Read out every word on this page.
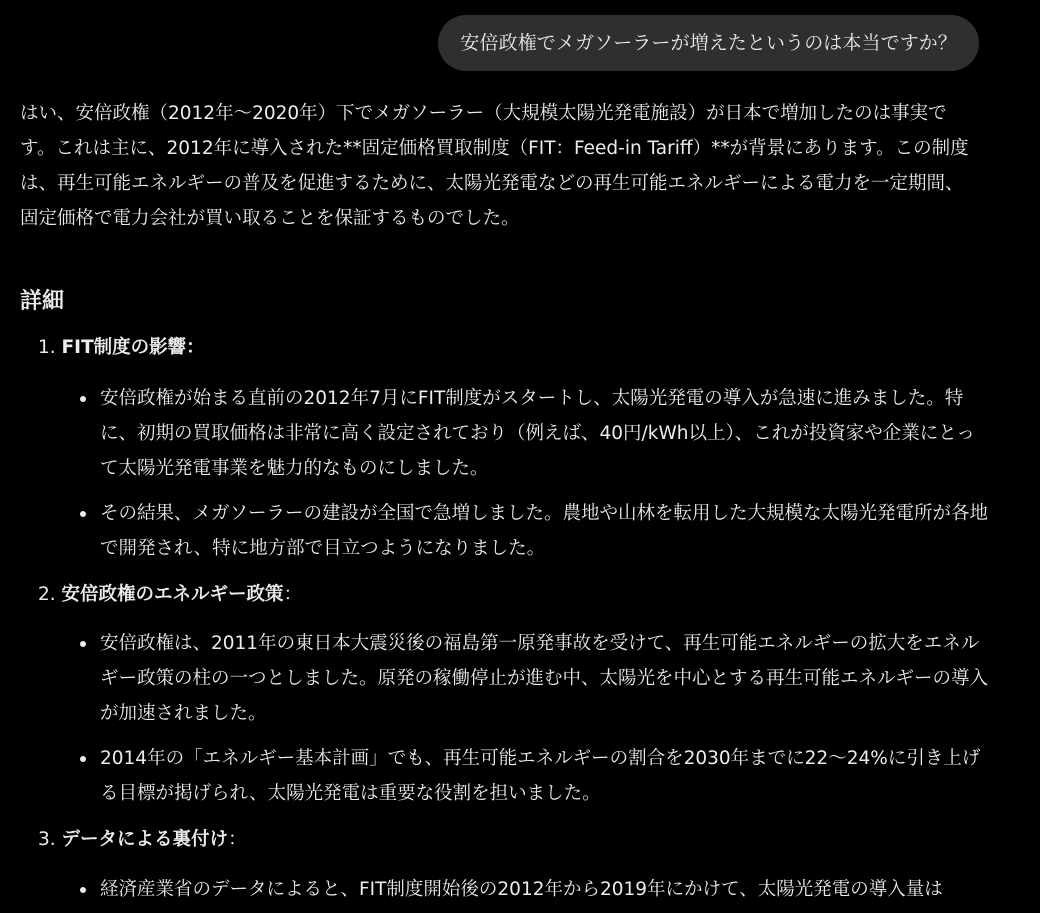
安倍政権でメガソーラーが増えたというのは本当ですか？

はい、安倍政権（2012年～2020年）下でメガソーラー（大規模太陽光発電施設）が日本で増加したのは事実です。これは主に、2012年に導入された**固定価格買取制度（FIT：Feed-in Tariff）**が背景にあります。この制度は、再生可能エネルギーの普及を促進するために、太陽光発電などの再生可能エネルギーによる電力を一定期間、固定価格で電力会社が買い取ることを保証するものでした。

詳細
1. FIT制度の影響：
安倍政権が始まる直前の2012年7月にFIT制度がスタートし、太陽光発電の導入が急速に進みました。特に、初期の買取価格は非常に高く設定されており（例えば、40円/kWh以上）、これが投資家や企業にとって太陽光発電事業を魅力的なものにしました。
その結果、メガソーラーの建設が全国で急増しました。農地や山林を転用した大規模な太陽光発電所が各地で開発され、特に地方部で目立つようになりました。
2. 安倍政権のエネルギー政策：
安倍政権は、2011年の東日本大震災後の福島第一原発事故を受けて、再生可能エネルギーの拡大をエネルギー政策の柱の一つとしました。原発の稼働停止が進む中、太陽光を中心とする再生可能エネルギーの導入が加速されました。
2014年の「エネルギー基本計画」でも、再生可能エネルギーの割合を2030年までに22～24%に引き上げる目標が掲げられ、太陽光発電は重要な役割を担いました。
3. データによる裏付け：
経済産業省のデータによると、FIT制度開始後の2012年から2019年にかけて、太陽光発電の導入量は
